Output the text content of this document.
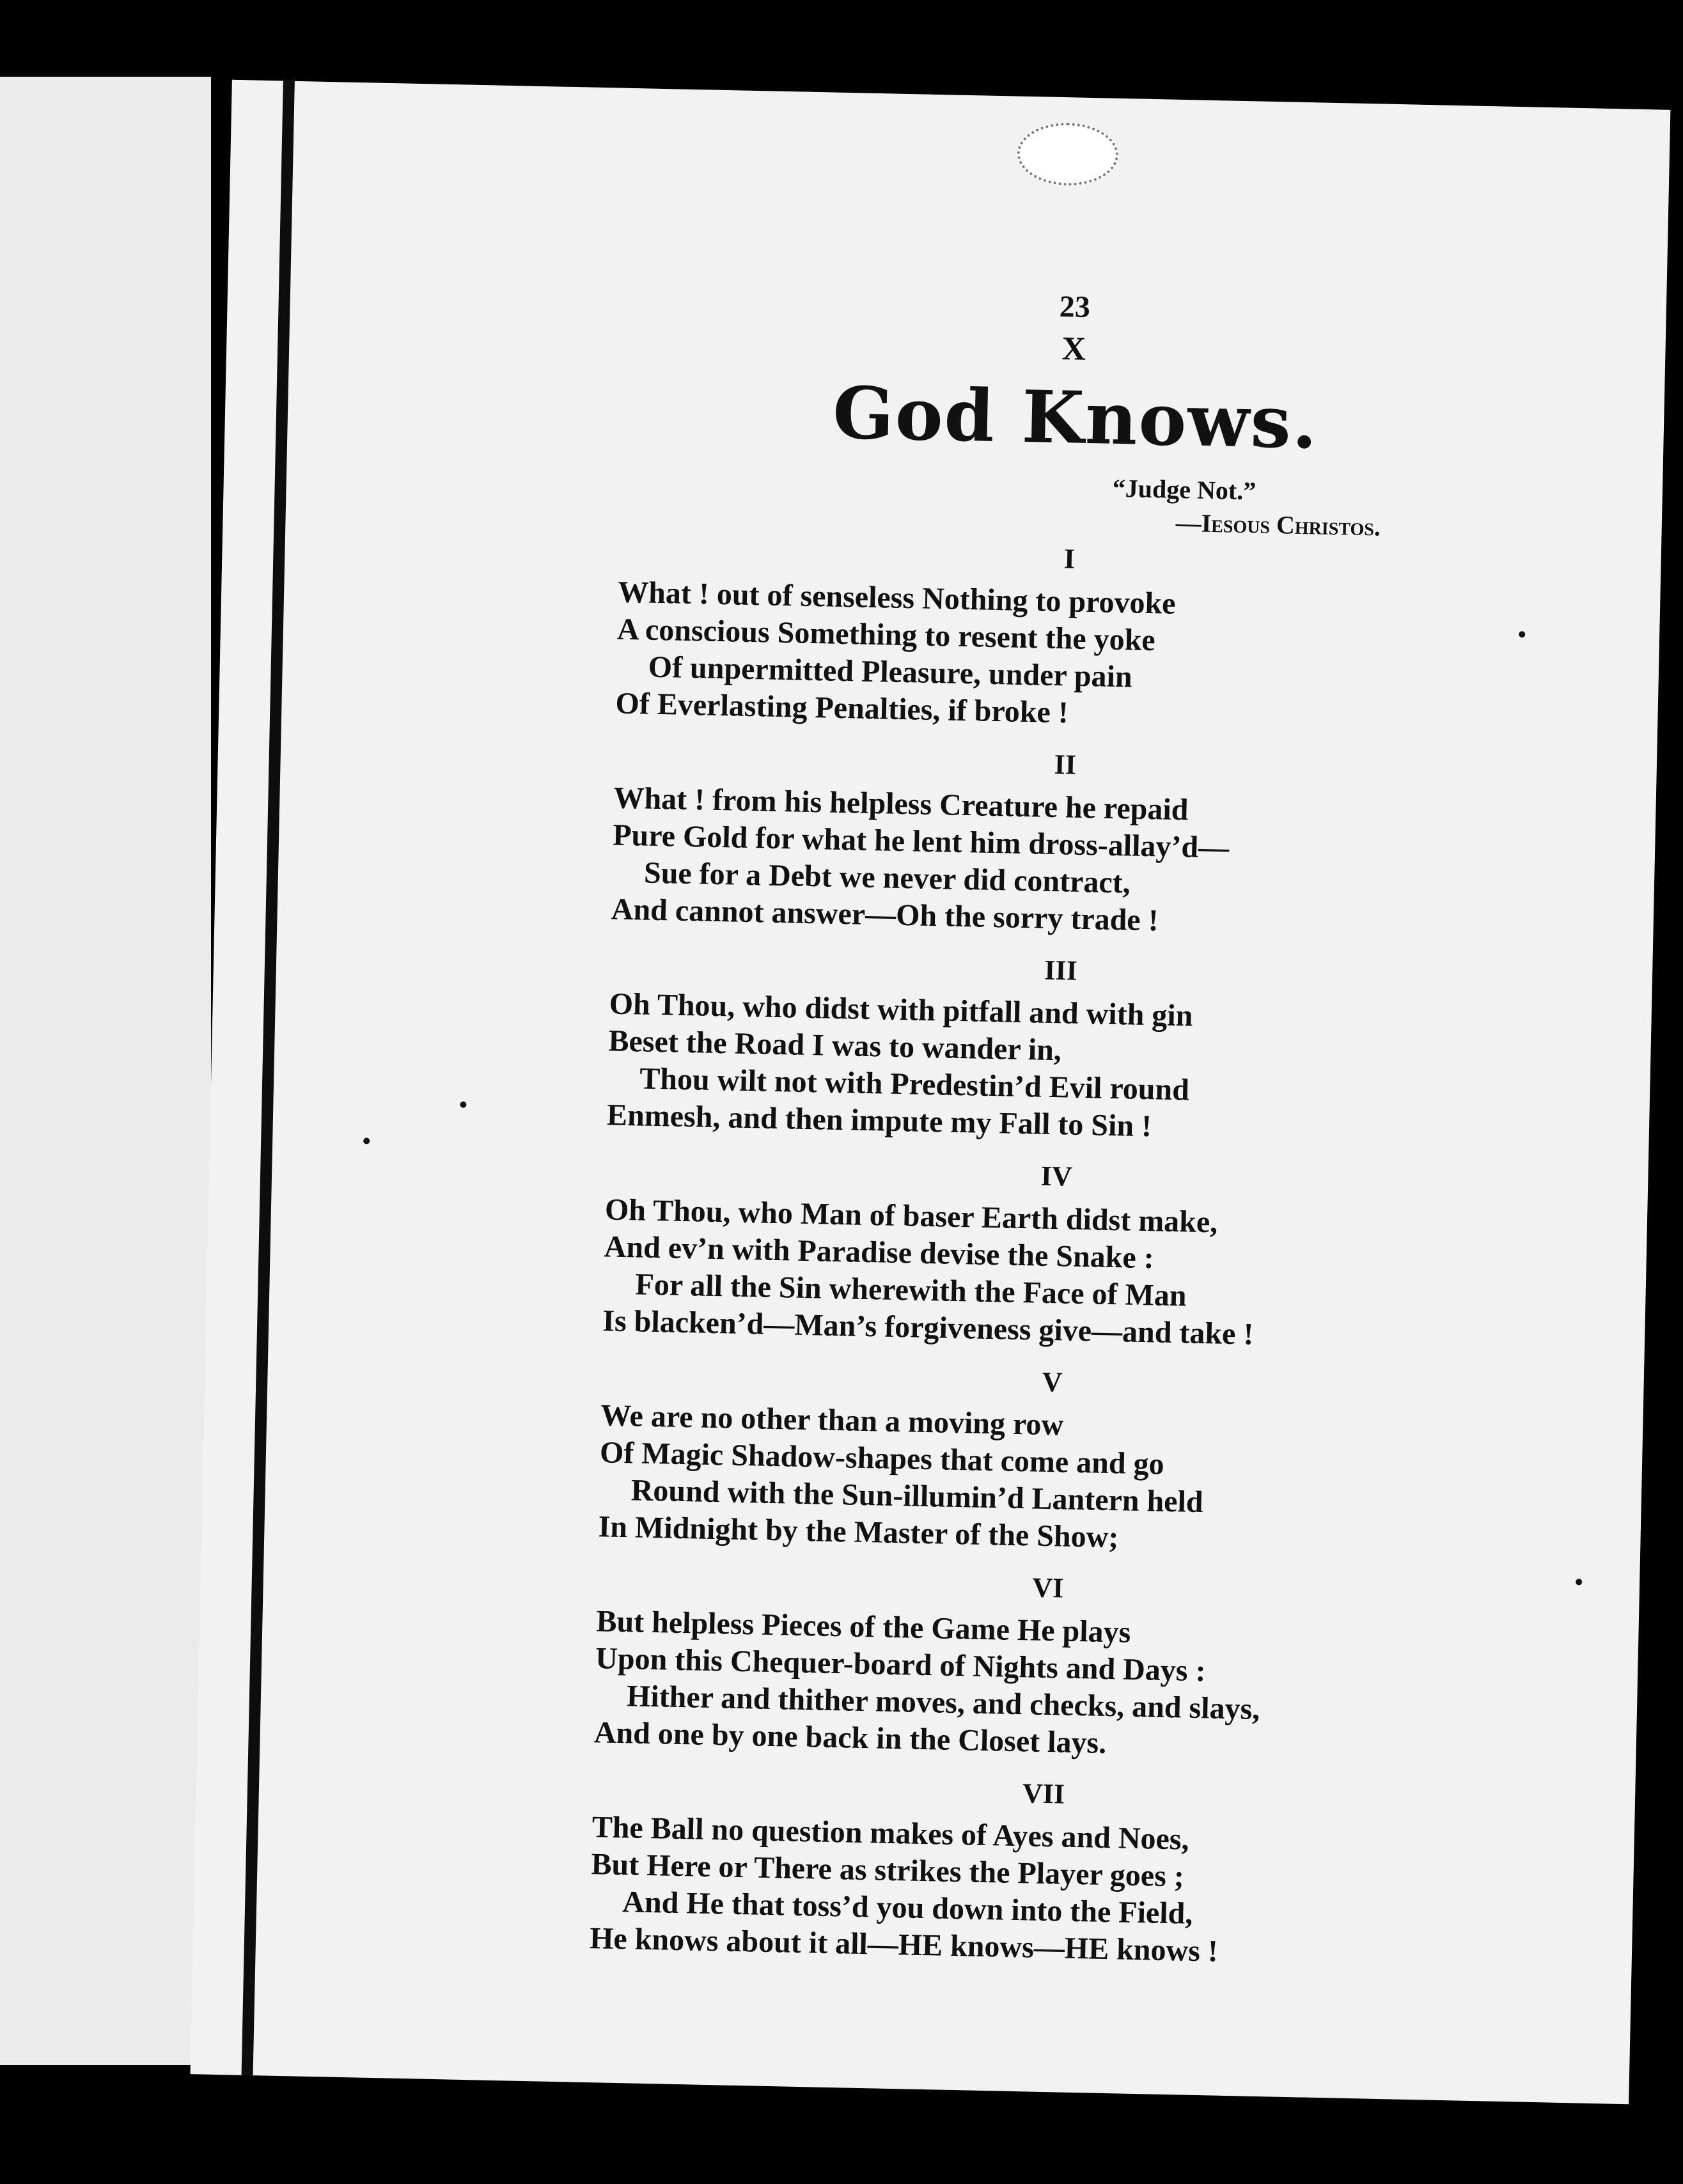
23
X
God Knows.
“Judge Not.”
—Iesous Christos.
I
What ! out of senseless Nothing to provoke
A conscious Something to resent the yoke
Of unpermitted Pleasure, under pain
Of Everlasting Penalties, if broke !
II
What ! from his helpless Creature he repaid
Pure Gold for what he lent him dross-allay’d—
Sue for a Debt we never did contract,
And cannot answer—Oh the sorry trade !
III
Oh Thou, who didst with pitfall and with gin
Beset the Road I was to wander in,
Thou wilt not with Predestin’d Evil round
Enmesh, and then impute my Fall to Sin !
IV
Oh Thou, who Man of baser Earth didst make,
And ev’n with Paradise devise the Snake :
For all the Sin wherewith the Face of Man
Is blacken’d—Man’s forgiveness give—and take !
V
We are no other than a moving row
Of Magic Shadow-shapes that come and go
Round with the Sun-illumin’d Lantern held
In Midnight by the Master of the Show;
VI
But helpless Pieces of the Game He plays
Upon this Chequer-board of Nights and Days :
Hither and thither moves, and checks, and slays,
And one by one back in the Closet lays.
VII
The Ball no question makes of Ayes and Noes,
But Here or There as strikes the Player goes ;
And He that toss’d you down into the Field,
He knows about it all—HE knows—HE knows !
